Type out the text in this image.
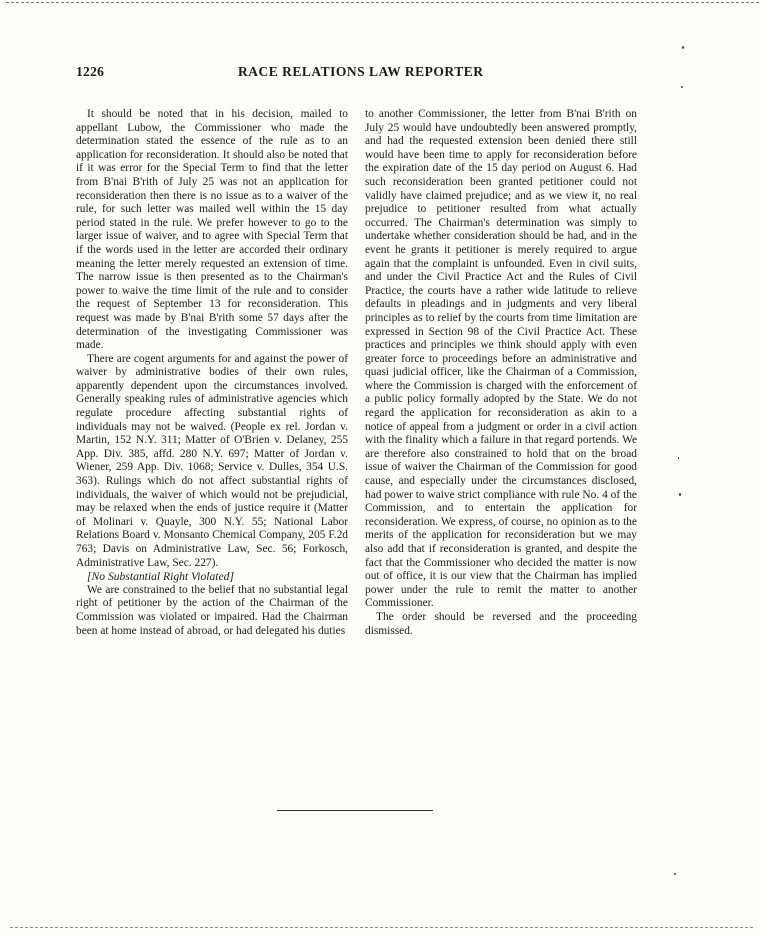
1226	RACE RELATIONS LAW REPORTER

It should be noted that in his decision, mailed to appellant Lubow, the Commissioner who made the determination stated the essence of the rule as to an application for reconsideration. It should also be noted that if it was error for the Special Term to find that the letter from B'nai B'rith of July 25 was not an application for reconsideration then there is no issue as to a waiver of the rule, for such letter was mailed well within the 15 day period stated in the rule. We prefer however to go to the larger issue of waiver, and to agree with Special Term that if the words used in the letter are accorded their ordinary meaning the letter merely requested an extension of time. The narrow issue is then presented as to the Chairman's power to waive the time limit of the rule and to consider the request of September 13 for reconsideration. This request was made by B'nai B'rith some 57 days after the determination of the investigating Commissioner was made.

There are cogent arguments for and against the power of waiver by administrative bodies of their own rules, apparently dependent upon the circumstances involved. Generally speaking rules of administrative agencies which regulate procedure affecting substantial rights of individuals may not be waived. (People ex rel. Jordan v. Martin, 152 N.Y. 311; Matter of O'Brien v. Delaney, 255 App. Div. 385, affd. 280 N.Y. 697; Matter of Jordan v. Wiener, 259 App. Div. 1068; Service v. Dulles, 354 U.S. 363). Rulings which do not affect substantial rights of individuals, the waiver of which would not be prejudicial, may be relaxed when the ends of justice require it (Matter of Molinari v. Quayle, 300 N.Y. 55; National Labor Relations Board v. Monsanto Chemical Company, 205 F.2d 763; Davis on Administrative Law, Sec. 56; Forkosch, Administrative Law, Sec. 227).

[No Substantial Right Violated]

We are constrained to the belief that no substantial legal right of petitioner by the action of the Chairman of the Commission was violated or impaired. Had the Chairman been at home instead of abroad, or had delegated his duties

to another Commissioner, the letter from B'nai B'rith on July 25 would have undoubtedly been answered promptly, and had the requested extension been denied there still would have been time to apply for reconsideration before the expiration date of the 15 day period on August 6. Had such reconsideration been granted petitioner could not validly have claimed prejudice; and as we view it, no real prejudice to petitioner resulted from what actually occurred. The Chairman's determination was simply to undertake whether consideration should be had, and in the event he grants it petitioner is merely required to argue again that the complaint is unfounded. Even in civil suits, and under the Civil Practice Act and the Rules of Civil Practice, the courts have a rather wide latitude to relieve defaults in pleadings and in judgments and very liberal principles as to relief by the courts from time limitation are expressed in Section 98 of the Civil Practice Act. These practices and principles we think should apply with even greater force to proceedings before an administrative and quasi judicial officer, like the Chairman of a Commission, where the Commission is charged with the enforcement of a public policy formally adopted by the State. We do not regard the application for reconsideration as akin to a notice of appeal from a judgment or order in a civil action with the finality which a failure in that regard portends. We are therefore also constrained to hold that on the broad issue of waiver the Chairman of the Commission for good cause, and especially under the circumstances disclosed, had power to waive strict compliance with rule No. 4 of the Commission, and to entertain the application for reconsideration. We express, of course, no opinion as to the merits of the application for reconsideration but we may also add that if reconsideration is granted, and despite the fact that the Commissioner who decided the matter is now out of office, it is our view that the Chairman has implied power under the rule to remit the matter to another Commissioner.

The order should be reversed and the proceeding dismissed.
